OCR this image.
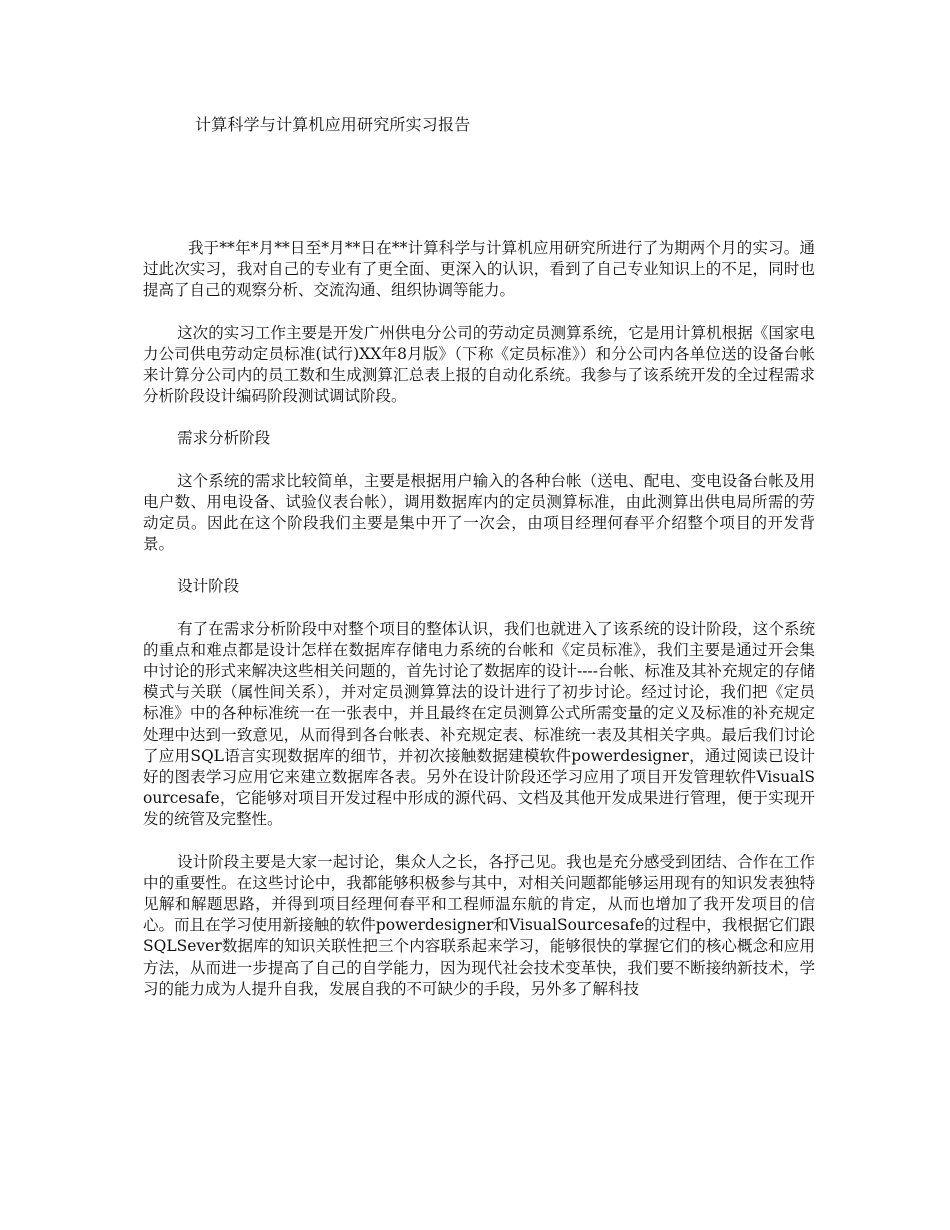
计算科学与计算机应用研究所实习报告

我于**年*月**日至*月**日在**计算科学与计算机应用研究所进行了为期两个月的实习。通过此次实习，我对自己的专业有了更全面、更深入的认识，看到了自己专业知识上的不足，同时也提高了自己的观察分析、交流沟通、组织协调等能力。

这次的实习工作主要是开发广州供电分公司的劳动定员测算系统，它是用计算机根据《国家电力公司供电劳动定员标准(试行)XX年8月版》（下称《定员标准》）和分公司内各单位送的设备台帐来计算分公司内的员工数和生成测算汇总表上报的自动化系统。我参与了该系统开发的全过程需求分析阶段设计编码阶段测试调试阶段。

需求分析阶段

这个系统的需求比较简单，主要是根据用户输入的各种台帐（送电、配电、变电设备台帐及用电户数、用电设备、试验仪表台帐），调用数据库内的定员测算标准，由此测算出供电局所需的劳动定员。因此在这个阶段我们主要是集中开了一次会，由项目经理何春平介绍整个项目的开发背景。

设计阶段

有了在需求分析阶段中对整个项目的整体认识，我们也就进入了该系统的设计阶段，这个系统的重点和难点都是设计怎样在数据库存储电力系统的台帐和《定员标准》，我们主要是通过开会集中讨论的形式来解决这些相关问题的，首先讨论了数据库的设计----台帐、标准及其补充规定的存储模式与关联（属性间关系），并对定员测算算法的设计进行了初步讨论。经过讨论，我们把《定员标准》中的各种标准统一在一张表中，并且最终在定员测算公式所需变量的定义及标准的补充规定处理中达到一致意见，从而得到各台帐表、补充规定表、标准统一表及其相关字典。最后我们讨论了应用SQL语言实现数据库的细节，并初次接触数据建模软件powerdesigner，通过阅读已设计好的图表学习应用它来建立数据库各表。另外在设计阶段还学习应用了项目开发管理软件VisualSourcesafe，它能够对项目开发过程中形成的源代码、文档及其他开发成果进行管理，便于实现开发的统管及完整性。

设计阶段主要是大家一起讨论，集众人之长，各抒己见。我也是充分感受到团结、合作在工作中的重要性。在这些讨论中，我都能够积极参与其中，对相关问题都能够运用现有的知识发表独特见解和解题思路，并得到项目经理何春平和工程师温东航的肯定，从而也增加了我开发项目的信心。而且在学习使用新接触的软件powerdesigner和VisualSourcesafe的过程中，我根据它们跟SQLSever数据库的知识关联性把三个内容联系起来学习，能够很快的掌握它们的核心概念和应用方法，从而进一步提高了自己的自学能力，因为现代社会技术变革快，我们要不断接纳新技术，学习的能力成为人提升自我，发展自我的不可缺少的手段，另外多了解科技
